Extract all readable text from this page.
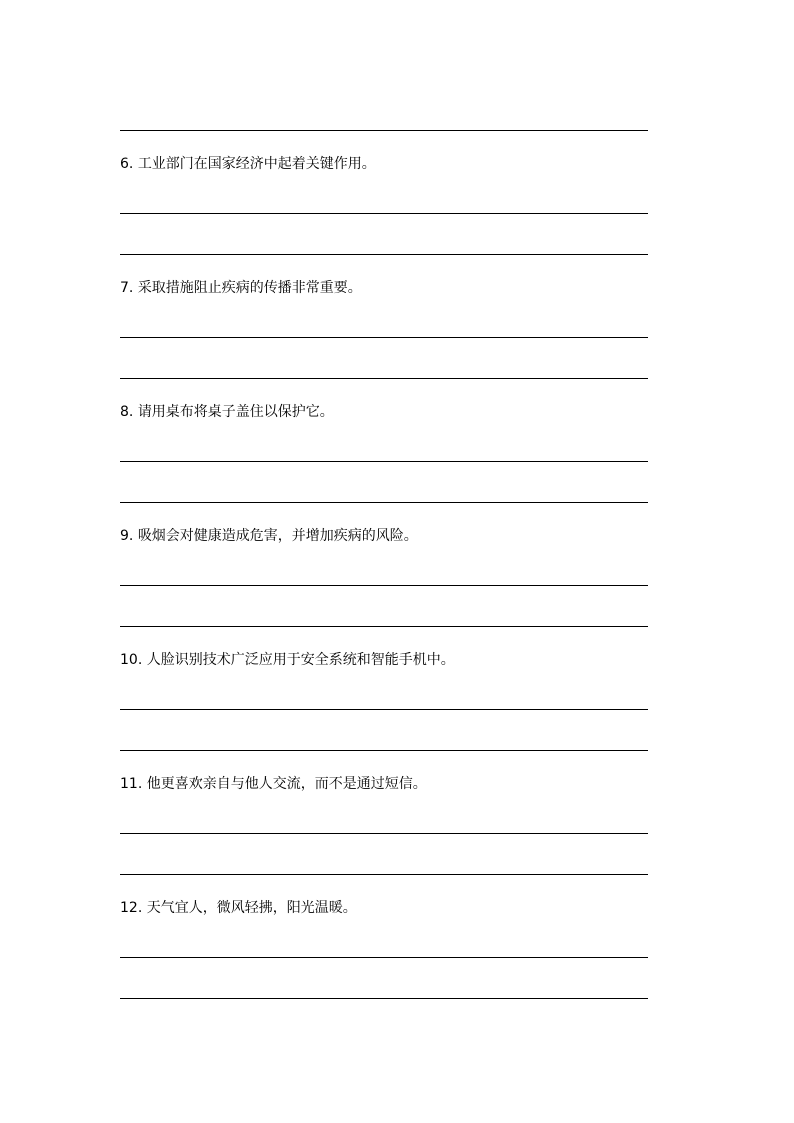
6. 工业部门在国家经济中起着关键作用。
7. 采取措施阻止疾病的传播非常重要。
8. 请用桌布将桌子盖住以保护它。
9. 吸烟会对健康造成危害，并增加疾病的风险。
10. 人脸识别技术广泛应用于安全系统和智能手机中。
11. 他更喜欢亲自与他人交流，而不是通过短信。
12. 天气宜人，微风轻拂，阳光温暖。
